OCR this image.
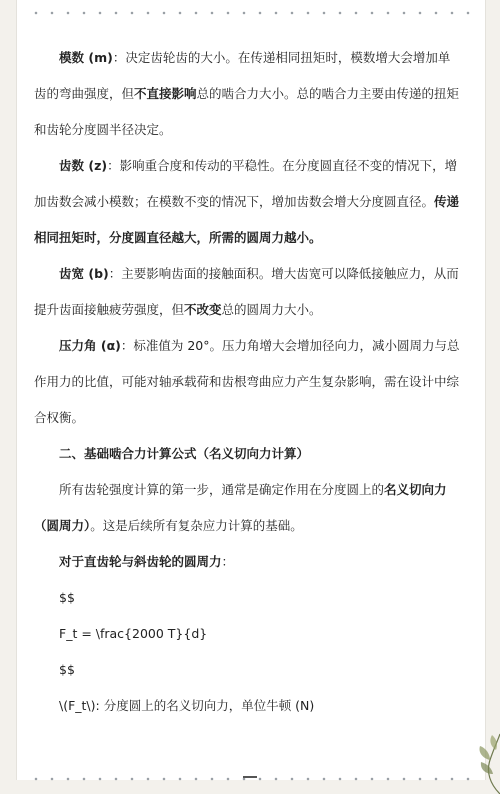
模数 (m)：决定齿轮齿的大小。在传递相同扭矩时，模数增大会增加单齿的弯曲强度，但不直接影响总的啮合力大小。总的啮合力主要由传递的扭矩和齿轮分度圆半径决定。

齿数 (z)：影响重合度和传动的平稳性。在分度圆直径不变的情况下，增加齿数会减小模数；在模数不变的情况下，增加齿数会增大分度圆直径。传递相同扭矩时，分度圆直径越大，所需的圆周力越小。

齿宽 (b)：主要影响齿面的接触面积。增大齿宽可以降低接触应力，从而提升齿面接触疲劳强度，但不改变总的圆周力大小。

压力角 (α)：标准值为 20°。压力角增大会增加径向力，减小圆周力与总作用力的比值，可能对轴承载荷和齿根弯曲应力产生复杂影响，需在设计中综合权衡。

二、基础啮合力计算公式（名义切向力计算）

所有齿轮强度计算的第一步，通常是确定作用在分度圆上的名义切向力（圆周力）。这是后续所有复杂应力计算的基础。

对于直齿轮与斜齿轮的圆周力：

$$

F_t = \frac{2000 T}{d}

$$

\(F_t\): 分度圆上的名义切向力，单位牛顿 (N)
